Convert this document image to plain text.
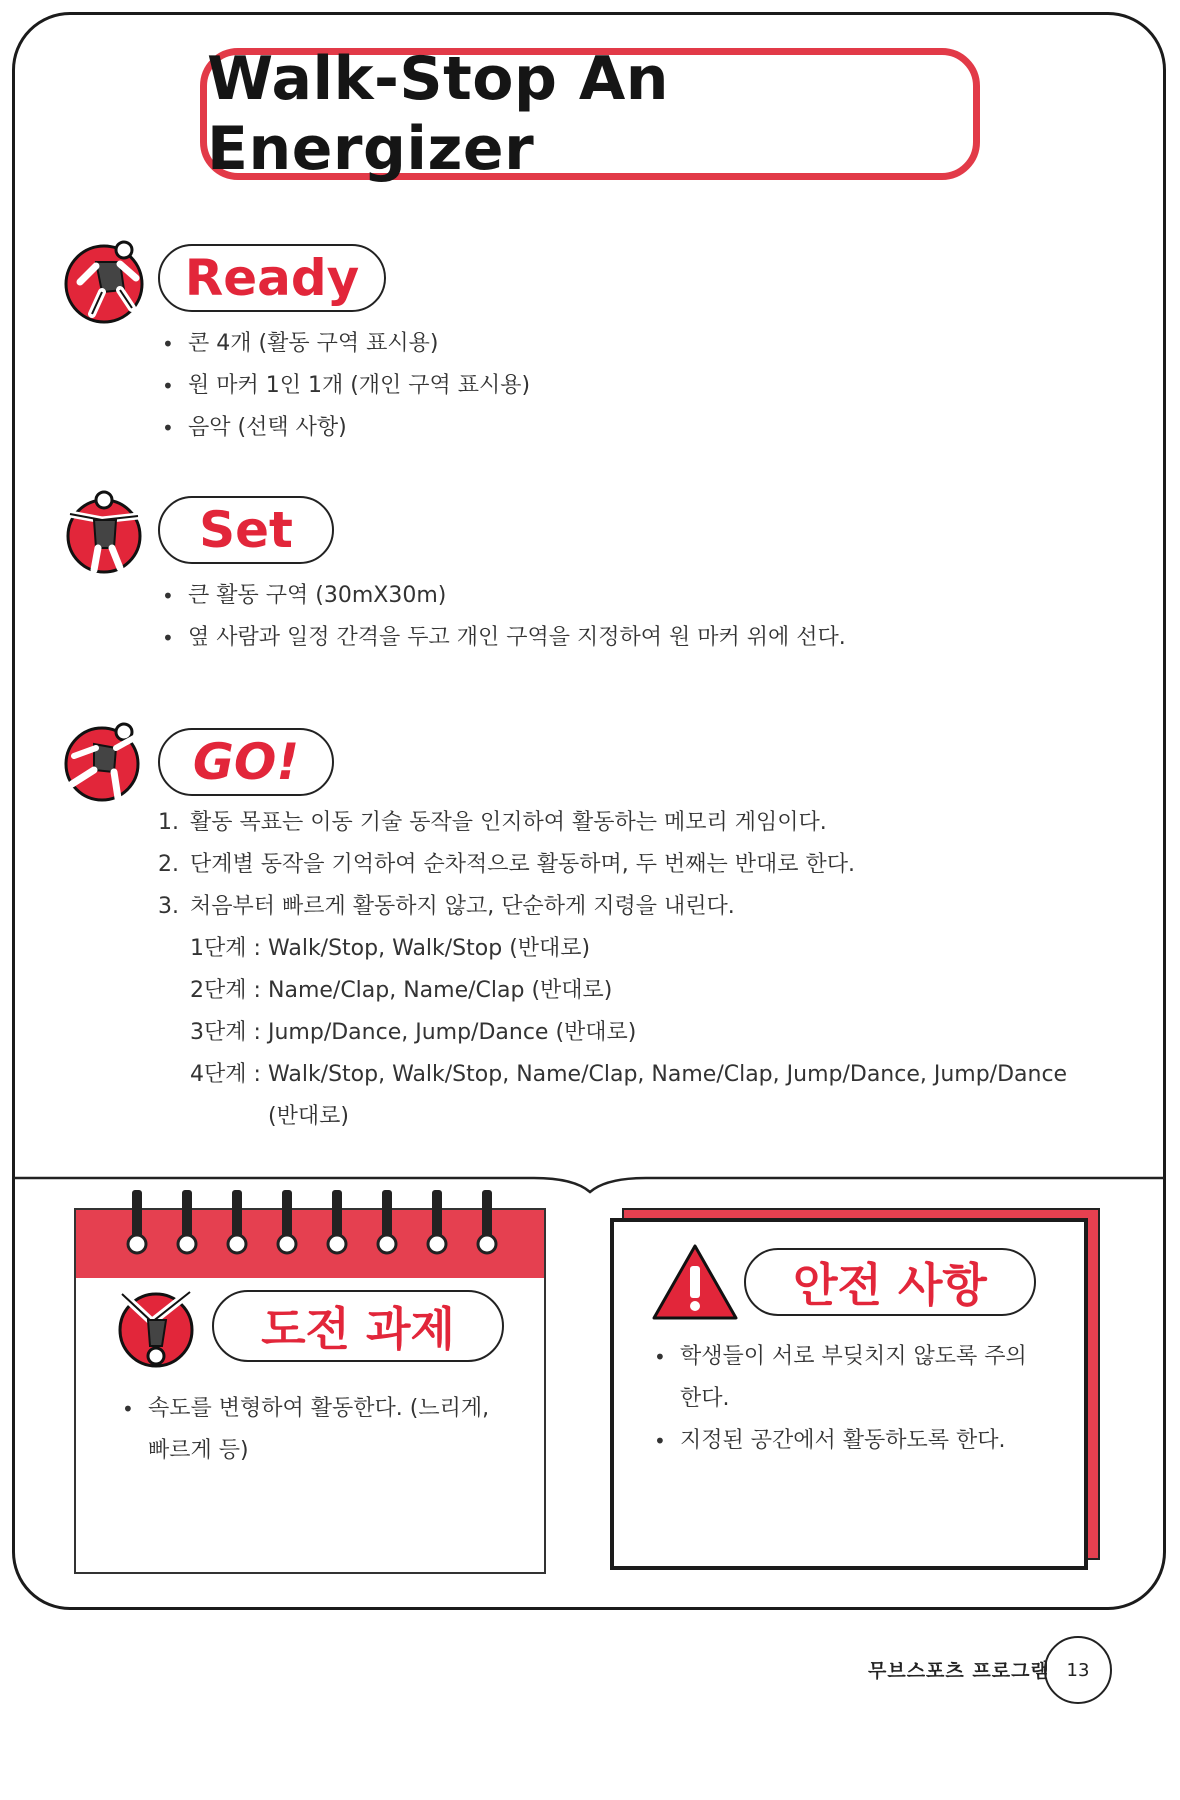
Walk-Stop An Energizer
Ready
• 콘 4개 (활동 구역 표시용)
• 원 마커 1인 1개 (개인 구역 표시용)
• 음악 (선택 사항)
Set
• 큰 활동 구역 (30mX30m)
• 옆 사람과 일정 간격을 두고 개인 구역을 지정하여 원 마커 위에 선다.
GO!
1. 활동 목표는 이동 기술 동작을 인지하여 활동하는 메모리 게임이다.
2. 단계별 동작을 기억하여 순차적으로 활동하며, 두 번째는 반대로 한다.
3. 처음부터 빠르게 활동하지 않고, 단순하게 지령을 내린다.
1단계 : Walk/Stop, Walk/Stop (반대로)
2단계 : Name/Clap, Name/Clap (반대로)
3단계 : Jump/Dance, Jump/Dance (반대로)
4단계 : Walk/Stop, Walk/Stop, Name/Clap, Name/Clap, Jump/Dance, Jump/Dance (반대로)
도전 과제
• 속도를 변형하여 활동한다. (느리게, 빠르게 등)
안전 사항
• 학생들이 서로 부딪치지 않도록 주의한다.
• 지정된 공간에서 활동하도록 한다.
무브스포츠 프로그램 13
